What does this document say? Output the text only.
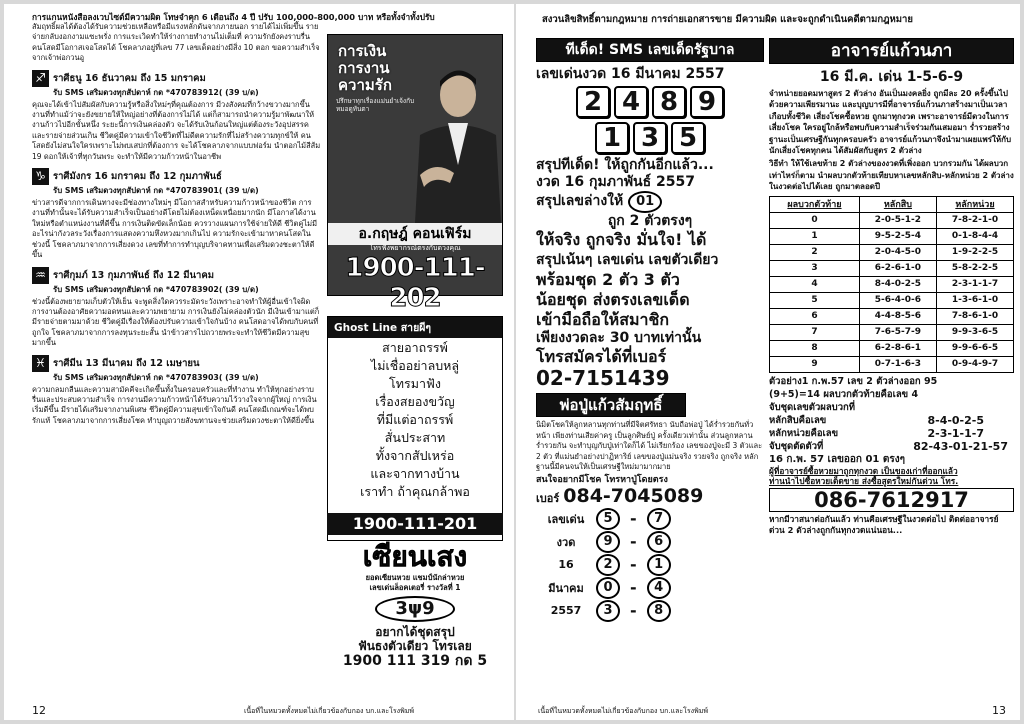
การแกนหนังสือลงเวบไซต์มีความผิด โทษจำคุก 6 เดือนถึง 4 ปี ปรับ 100,000-800,000 บาท หรือทั้งจำทั้งปรับ
สัมฤทธิ์ผลได้ต้องได้รับความช่วยเหลือหรือมีแรงหลักดันจากภายนอก รายได้ไม่เพิ่มขึ้น รายจ่ายกลับงอกงามแซะพรั่ง การแระเวิดทำให้ร่างกายทำงานไม่เต็มที่ ความรักยังคงราบรื่น คนโสดมีโอกาสเจอโสดได้ โชคลาภอยู่ที่เลข 77 เลขเด็ดอย่างมีสิ่ง 10 ตอก ขอความสำเร็จจากเจ้าพ่อกวนอู
♐ ราศีธนู 16 ธันวาคม ถึง 15 มกราคม
รับ SMS เสริมดวงทุกสัปดาห์ กด *470783912( (39 บ/ด)
คุณจะได้เข้าไปสัมผัสกับความรู้หรือสิ่งใหม่ๆที่คุณต้องการ มีวงสังคมที่กว้างขวางมากขึ้น งานที่ทำแม้ว่าจะยังขยายให้ใหญ่อย่างที่ต้องการไม่ได้ แต่ก็สามารถนำความรู้มาพัฒนาให้งานก้าวไปอีกขั้นหนึ่ง ระยะนี้การเงินคล่องตัว จะได้รับเงินก้อนใหญ่แต่ต้องระวังอุปสรรคและรายจ่ายส่วนเกิน ชีวิตคู่มีความเข้าใจชีวิตที่ไม่ดีตความรักที่ไม่สร้างความทุกข์ให้ คนโสดยังไม่สนใจใครเพราะไม่พบเสปกที่ต้องการ จะได้โชคลาภจากแบบฟอร์ม นำตอกไม้สีส้ม 19 ดอกให้เจ้าที่ทุกวันพระ จะทำให้มีความก้าวหน้าในอาชีพ
♑ ราศีมังกร 16 มกราคม ถึง 12 กุมภาพันธ์
รับ SMS เสริมดวงทุกสัปดาห์ กด *470783901( (39 บ/ด)
ข่าวสารดีจากการเดินทางจะมีช่องทางใหม่ๆ มีโอกาสสำหรับความก้าวหน้าของชีวิต การงานที่ทำนั้นจะได้รับความสำเร็จเป็นอย่างดีโดยไม่ต้องเหน็ดเหนื่อยมากนัก มีโอกาสได้งานใหม่หรือตำแหน่งงานที่ดีขึ้น การเงินติดขัดเล็กน้อย ควรวางแผนการใช้จ่ายให้ดี ชีวิตคู่ไม่มีอะไรน่ากังวลระวังเรื่องการแสดงความหึงหวงมากเกินไป ความรักจะเข้ามาหาคนโสดในช่วงนี้ โชคลาภมาจากการเสี่ยงดวง เลขที่ทำการทำบุญบริจาคทานเพื่อเสริมดวงชะตาให้ดีขึ้น
♒ ราศีกุมภ์ 13 กุมภาพันธ์ ถึง 12 มีนาคม
รับ SMS เสริมดวงทุกสัปดาห์ กด *470783902( (39 บ/ด)
ช่วงนี้ต้องพยายามเก็บตัวให้เย็น จะพูดสิ่งใดควรระมัดระวังเพราะอาจทำให้ผู้อื่นเข้าใจผิด การงานต้องอาศัยความอดทนและความพยายาม การเงินยังไม่คล่องตัวนัก มีเงินเข้ามาแต่ก็มีรายจ่ายตามมาด้วย ชีวิตคู่มีเรื่องให้ต้องปรับความเข้าใจกันบ้าง คนโสดอาจได้พบกับคนที่ถูกใจ โชคลาภมาจากการลงทุนระยะสั้น นำข้าวสารไปถวายพระจะทำให้ชีวิตมีความสุขมากขึ้น
♓ ราศีมีน 13 มีนาคม ถึง 12 เมษายน
รับ SMS เสริมดวงทุกสัปดาห์ กด *470783903( (39 บ/ด)
ความกลมกลืนและความสามัคคีจะเกิดขึ้นทั้งในครอบครัวและที่ทำงาน ทำให้ทุกอย่างราบรื่นและประสบความสำเร็จ การงานมีความก้าวหน้าได้รับความไว้วางใจจากผู้ใหญ่ การเงินเริ่มดีขึ้น มีรายได้เสริมจากงานพิเศษ ชีวิตคู่มีความสุขเข้าใจกันดี คนโสดมีเกณฑ์จะได้พบรักแท้ โชคลาภมาจากการเสี่ยงโชค ทำบุญถวายสังฆทานจะช่วยเสริมดวงชะตาให้ดียิ่งขึ้น
การเงิน
การงาน
ความรัก
ปรึกษาทุกเรื่องแม่นยำเจ้งกับหมอดูทันตา
อ.กฤษฎ์ คอนเฟิร์ม
โทรฟังพยากรณ์ตรงกับดวงคุณ
1900-111-202
Ghost Line สายผีๆ
สายอาถรรพ์
ไม่เชื่ออย่าลบหลู่
โทรมาฟัง
เรื่องสยองขวัญ
ที่มีแต่อาถรรพ์
สั่นประสาท
ทั้งจากสัปเหร่อ
และจากทางบ้าน
เราทำ ถ้าคุณกล้าพอ
1900-111-201
เซียนเสง
ยอดเซียนหวย แชมป์นักล่าหวย
เลขเด่นล็อคเตอรี่ รางวัลที่ 1
3ψ9
อยากได้ชุดสรุป
ฟันธงตัวเดียว โทรเลย
1900 111 319 กด 5
12	เนื้อที่ในหมวดทั้งหมดไม่เกี่ยวข้องกับกอง บก.และโรงพิมพ์
สงวนลิขสิทธิ์ตามกฎหมาย การถ่ายเอกสารขาย มีความผิด และจะถูกดำเนินคดีตามกฎหมาย
ทีเด็ด! SMS เลขเด็ดรัฐบาล
เลขเด่นงวด 16 มีนาคม 2557
2 4 8 9
1 3 5
สรุปทีเด็ด! ให้ถูกกันอีกแล้ว...
งวด 16 กุมภาพันธ์ 2557
สรุปเลขล่างให้ 01
ถูก 2 ตัวตรงๆ
ให้จริง ถูกจริง มั่นใจ! ได้
สรุปเน้นๆ เลขเด่น เลขตัวเดียว
พร้อมชุด 2 ตัว 3 ตัว
น้อยชุด ส่งตรงเลขเด็ด
เข้ามือถือให้สมาชิก
เพียงงวดละ 30 บาทเท่านั้น
โทรสมัครได้ที่เบอร์
02-7151439
พ่อปู่แก้วสัมฤทธิ์
นิมิตโชคให้ลูกหลานทุกท่านที่มีจิตศรัทธา นับถือพ่อปู่ ได้ร่ำรวยกันทั่วหน้า เพียงท่านเสียค่าครู เป็นลูกศิษย์ปู่ ครั้งเดียวเท่านั้น ส่วนลูกหลานร่ำรวยกัน จะทำบุญกับปู่เท่าใดก็ได้ ไม่เรียกร้อง เลขของปู่จะมี 3 ตัวและ 2 ตัว ที่แม่นยำอย่างปาฏิหาริย์ เลขของปู่แม่นจริง รวยจริง ถูกจริง หลักฐานนี้มีคนจนให้เป็นเศรษฐีใหม่มามากมาย
สนใจอยากมีโชค โทรหาปู่โดยตรง
เบอร์ 084-7045089
เลขเด่น	5	-	7
งวด	9	-	6
16	2	-	1
มีนาคม	0	-	4
2557	3	-	8
อาจารย์แก้วนภา
16 มี.ค. เด่น 1-5-6-9
จำหน่ายยอดมหาสูตร 2 ตัวล่าง อันเป็นมงคลยิ่ง ถูกมีละ 20 ครั้งขึ้นไป ด้วยความเพียรมานะ และบุญบารมีที่อาจารย์แก้วนภาสร้างมาเป็นเวลาเกือบทั้งชีวิต เสี่ยงโชคซื้อหวย ถูกมาทุกงวด เพราะอาจารย์มีดวงในการเสี่ยงโชค ใครอยู่ใกล้หรือพบกับความสำเร็จร่วมกันเสมอมา ร่ำรวยสร้างฐานะเป็นเศรษฐีกันทุกครอบครัว อาจารย์แก้วนภาจึงนำมาเผยแพร่ให้กับนักเสี่ยงโชคทุกคน ได้สัมผัสกับสูตร 2 ตัวล่าง
วิธีทำ ให้ใช้เลขท้าย 2 ตัวล่างของงวดที่เพิ่งออก บวกรวมกัน ได้ผลบวกเท่าไหร่ก็ตาม นำผลบวกตัวท้ายเทียบหาเลขหลักสิบ-หลักหน่วย 2 ตัวล่าง ในงวดต่อไปได้เลย ถูกมาตลอดปี
ผลบวกตัวท้าย	หลักสิบ	หลักหน่วย
0	2-0-5-1-2	7-8-2-1-0
1	9-5-2-5-4	0-1-8-4-4
2	2-0-4-5-0	1-9-2-2-5
3	6-2-6-1-0	5-8-2-2-5
4	8-4-0-2-5	2-3-1-1-7
5	5-6-4-0-6	1-3-6-1-0
6	4-4-8-5-6	7-8-6-1-0
7	7-6-5-7-9	9-9-3-6-5
8	6-2-8-6-1	9-9-6-6-5
9	0-7-1-6-3	0-9-4-9-7
ตัวอย่าง1 ก.พ.57 เลข 2 ตัวล่างออก 95
(9+5)=14 ผลบวกตัวท้ายคือเลข 4
จับชุดเลขตัวผลบวกที่
หลักสิบคือเลข	8-4-0-2-5
หลักหน่วยคือเลข	2-3-1-1-7
จับชุดตัดตัวที่	82-43-01-21-57
16 ก.พ. 57 เลขออก 01 ตรงๆ
ผู้ที่อาจารย์ซื้อหวยมาถูกทุกงวด เป็นของเก่าที่ออกแล้ว
ท่านนำไปซื้อหวยเด็ดขาย ส่งซื้อสูตรใหม่กันด่วน โทร.
086-7612917
หากมีวาสนาต่อกันแล้ว ท่านคือเศรษฐีในงวดต่อไป ติดต่ออาจารย์ด่วน 2 ตัวล่างถูกกันทุกงวดแน่นอน...
เนื้อที่ในหมวดทั้งหมดไม่เกี่ยวข้องกับกอง บก.และโรงพิมพ์	13
